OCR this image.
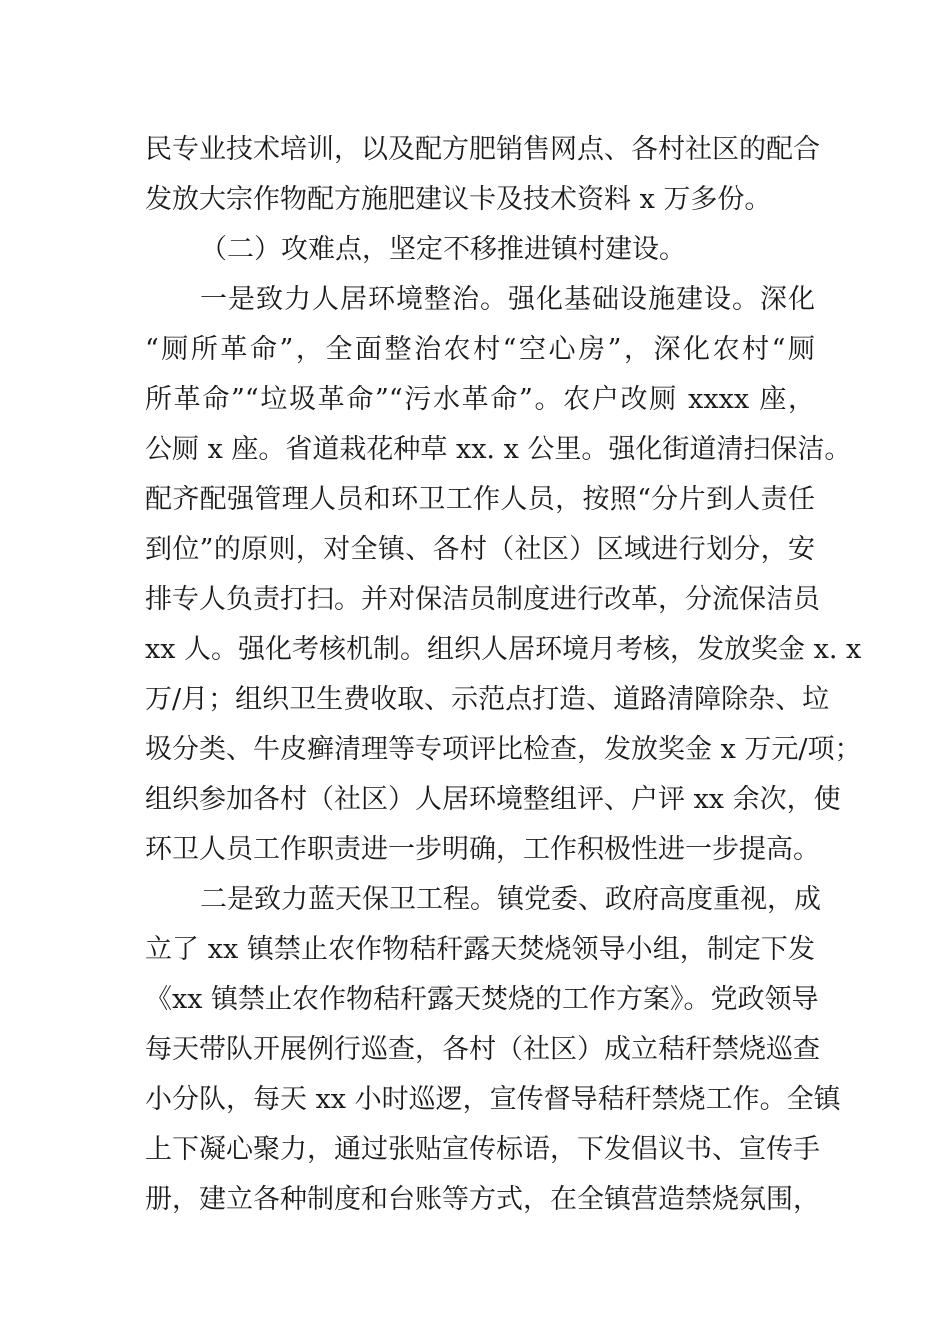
民专业技术培训，以及配方肥销售网点、各村社区的配合
发放大宗作物配方施肥建议卡及技术资料 x 万多份。
（二）攻难点，坚定不移推进镇村建设。
一是致力人居环境整治。强化基础设施建设。深化
“厕所革命”，全面整治农村“空心房”，深化农村“厕
所革命”“垃圾革命”“污水革命”。农户改厕 xxxx 座，
公厕 x 座。省道栽花种草 xx. x 公里。强化街道清扫保洁。
配齐配强管理人员和环卫工作人员，按照“分片到人责任
到位”的原则，对全镇、各村（社区）区域进行划分，安
排专人负责打扫。并对保洁员制度进行改革，分流保洁员
xx 人。强化考核机制。组织人居环境月考核，发放奖金 x. x
万/月；组织卫生费收取、示范点打造、道路清障除杂、垃
圾分类、牛皮癣清理等专项评比检查，发放奖金 x 万元/项；
组织参加各村（社区）人居环境整组评、户评 xx 余次，使
环卫人员工作职责进一步明确，工作积极性进一步提高。
二是致力蓝天保卫工程。镇党委、政府高度重视，成
立了 xx 镇禁止农作物秸秆露天焚烧领导小组，制定下发
《xx 镇禁止农作物秸秆露天焚烧的工作方案》。党政领导
每天带队开展例行巡查，各村（社区）成立秸秆禁烧巡查
小分队，每天 xx 小时巡逻，宣传督导秸秆禁烧工作。全镇
上下凝心聚力，通过张贴宣传标语，下发倡议书、宣传手
册，建立各种制度和台账等方式，在全镇营造禁烧氛围，
